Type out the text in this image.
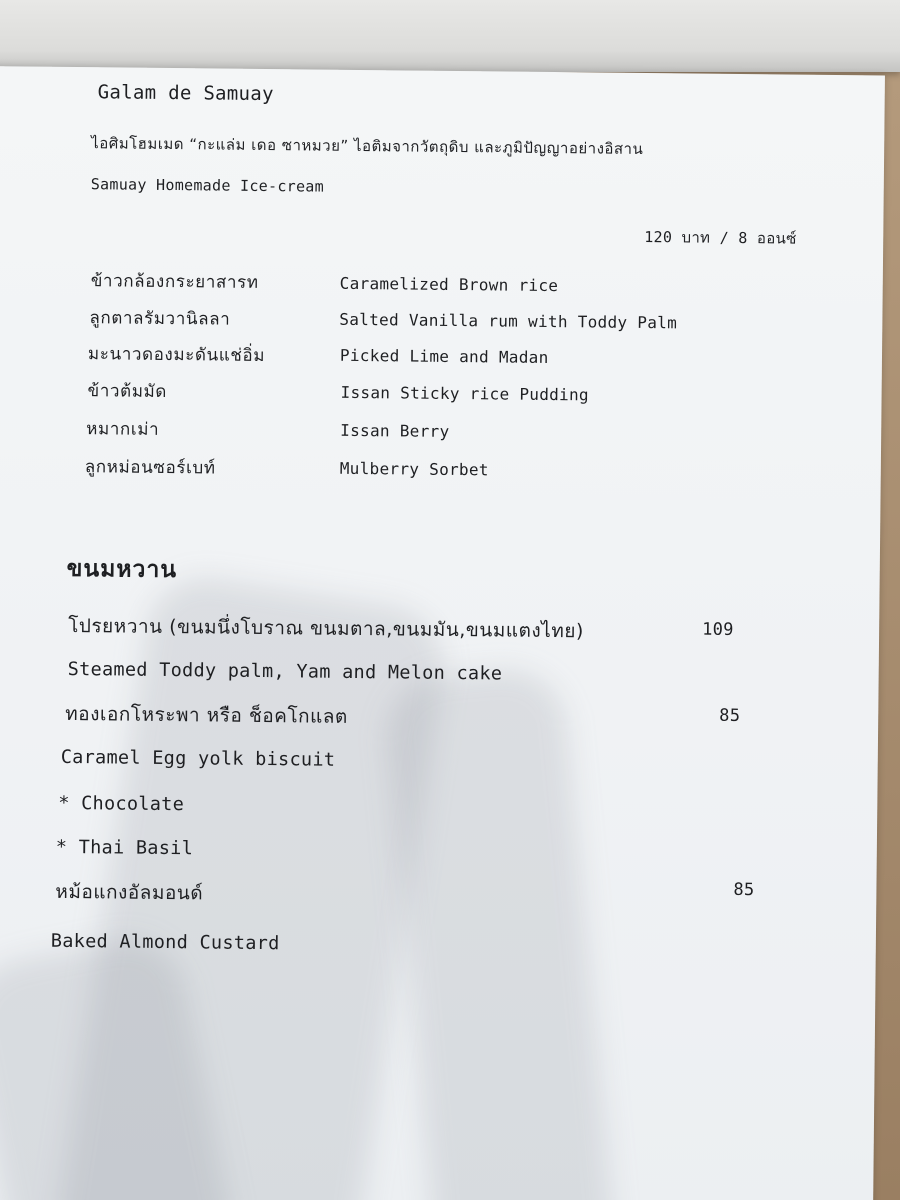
Galam de Samuay
ไอศิมโฮมเมด “กะแล่ม เดอ ซาหมวย” ไอติมจากวัตถุดิบ และภูมิปัญญาอย่างอิสาน
Samuay Homemade Ice-cream
120 บาท / 8 ออนซ์
ข้าวกล้องกระยาสารท	Caramelized Brown rice
ลูกตาลรัมวานิลลา	Salted Vanilla rum with Toddy Palm
มะนาวดองมะดันแช่อิ่ม	Picked Lime and Madan
ข้าวต้มมัด	Issan Sticky rice Pudding
หมากเม่า	Issan Berry
ลูกหม่อนซอร์เบท์	Mulberry Sorbet
ขนมหวาน
โปรยหวาน (ขนมนึ่งโบราณ ขนมตาล,ขนมมัน,ขนมแตงไทย)	109
Steamed Toddy palm, Yam and Melon cake
ทองเอกโหระพา หรือ ช็อคโกแลต	85
Caramel Egg yolk biscuit
* Chocolate
* Thai Basil
หม้อแกงอัลมอนด์	85
Baked Almond Custard
